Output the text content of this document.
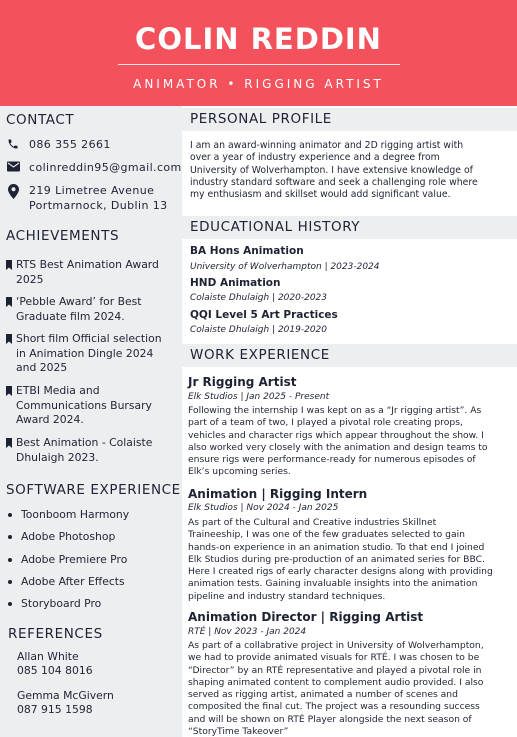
COLIN REDDIN
ANIMATOR • RIGGING ARTIST
CONTACT
086 355 2661
colinreddin95@gmail.com
219 Limetree Avenue
Portmarnock, Dublin 13
ACHIEVEMENTS
RTS Best Animation Award
2025
‘Pebble Award’ for Best
Graduate film 2024.
Short film Official selection
in Animation Dingle 2024
and 2025
ETBI Media and
Communications Bursary
Award 2024.
Best Animation - Colaiste
Dhulaigh 2023.
SOFTWARE EXPERIENCE
Toonboom Harmony
Adobe Photoshop
Adobe Premiere Pro
Adobe After Effects
Storyboard Pro
REFERENCES
Allan White
085 104 8016
Gemma McGivern
087 915 1598
PERSONAL PROFILE
I am an award-winning animator and 2D rigging artist with over a year of industry experience and a degree from University of Wolverhampton. I have extensive knowledge of industry standard software and seek a challenging role where my enthusiasm and skillset would add significant value.
EDUCATIONAL HISTORY
BA Hons Animation
University of Wolverhampton | 2023-2024
HND Animation
Colaiste Dhulaigh | 2020-2023
QQI Level 5 Art Practices
Colaiste Dhulaigh | 2019-2020
WORK EXPERIENCE
Jr Rigging Artist
Elk Studios | Jan 2025 - Present
Following the internship I was kept on as a “Jr rigging artist”. As part of a team of two, I played a pivotal role creating props, vehicles and character rigs which appear throughout the show. I also worked very closely with the animation and design teams to ensure rigs were performance-ready for numerous episodes of Elk’s upcoming series.
Animation | Rigging Intern
Elk Studios | Nov 2024 - Jan 2025
As part of the Cultural and Creative industries Skillnet Traineeship, I was one of the few graduates selected to gain hands-on experience in an animation studio. To that end I joined Elk Studios during pre-production of an animated series for BBC. Here I created rigs of early character designs along with providing animation tests. Gaining invaluable insights into the animation pipeline and industry standard techniques.
Animation Director | Rigging Artist
RTÉ | Nov 2023 - Jan 2024
As part of a collabrative project in University of Wolverhampton, we had to provide animated visuals for RTÉ. I was chosen to be “Director” by an RTÉ representative and played a pivotal role in shaping animated content to complement audio provided. I also served as rigging artist, animated a number of scenes and composited the final cut. The project was a resounding success and will be shown on RTÉ Player alongside the next season of “StoryTime Takeover”
